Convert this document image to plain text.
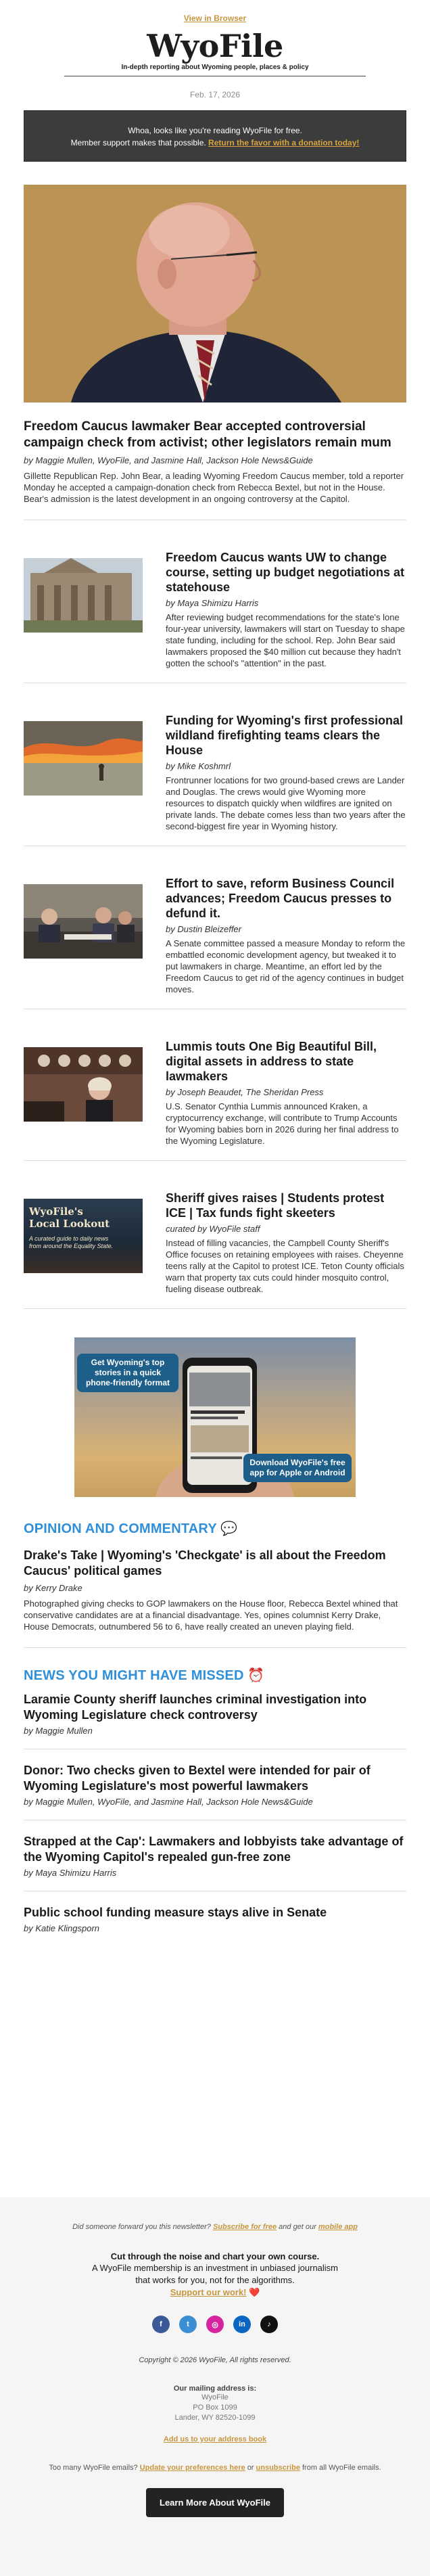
View in Browser
WyoFile
In-depth reporting about Wyoming people, places & policy
Feb. 17, 2026
Whoa, looks like you're reading WyoFile for free.
Member support makes that possible. Return the favor with a donation today!
Freedom Caucus lawmaker Bear accepted controversial campaign check from activist; other legislators remain mum
by Maggie Mullen, WyoFile, and Jasmine Hall, Jackson Hole News&Guide
Gillette Republican Rep. John Bear, a leading Wyoming Freedom Caucus member, told a reporter Monday he accepted a campaign-donation check from Rebecca Bextel, but not in the House. Bear's admission is the latest development in an ongoing controversy at the Capitol.
Freedom Caucus wants UW to change course, setting up budget negotiations at statehouse
by Maya Shimizu Harris
After reviewing budget recommendations for the state's lone four-year university, lawmakers will start on Tuesday to shape state funding, including for the school. Rep. John Bear said lawmakers proposed the $40 million cut because they hadn't gotten the school's "attention" in the past.
Funding for Wyoming's first professional wildland firefighting teams clears the House
by Mike Koshmrl
Frontrunner locations for two ground-based crews are Lander and Douglas. The crews would give Wyoming more resources to dispatch quickly when wildfires are ignited on private lands. The debate comes less than two years after the second-biggest fire year in Wyoming history.
Effort to save, reform Business Council advances; Freedom Caucus presses to defund it.
by Dustin Bleizeffer
A Senate committee passed a measure Monday to reform the embattled economic development agency, but tweaked it to put lawmakers in charge. Meantime, an effort led by the Freedom Caucus to get rid of the agency continues in budget moves.
Lummis touts One Big Beautiful Bill, digital assets in address to state lawmakers
by Joseph Beaudet, The Sheridan Press
U.S. Senator Cynthia Lummis announced Kraken, a cryptocurrency exchange, will contribute to Trump Accounts for Wyoming babies born in 2026 during her final address to the Wyoming Legislature.
WyoFile's
Local Lookout
A curated guide to daily news from around the Equality State.
Sheriff gives raises | Students protest ICE | Tax funds fight skeeters
curated by WyoFile staff
Instead of filling vacancies, the Campbell County Sheriff's Office focuses on retaining employees with raises. Cheyenne teens rally at the Capitol to protest ICE. Teton County officials warn that property tax cuts could hinder mosquito control, fueling disease outbreak.
Get Wyoming's top stories in a quick phone-friendly format
Download WyoFile's free app for Apple or Android
OPINION AND COMMENTARY 💬
Drake's Take | Wyoming's 'Checkgate' is all about the Freedom Caucus' political games
by Kerry Drake
Photographed giving checks to GOP lawmakers on the House floor, Rebecca Bextel whined that conservative candidates are at a financial disadvantage. Yes, opines columnist Kerry Drake, House Democrats, outnumbered 56 to 6, have really created an uneven playing field.
NEWS YOU MIGHT HAVE MISSED ⏰
Laramie County sheriff launches criminal investigation into Wyoming Legislature check controversy
by Maggie Mullen
Donor: Two checks given to Bextel were intended for pair of Wyoming Legislature's most powerful lawmakers
by Maggie Mullen, WyoFile, and Jasmine Hall, Jackson Hole News&Guide
Strapped at the Cap': Lawmakers and lobbyists take advantage of the Wyoming Capitol's repealed gun-free zone
by Maya Shimizu Harris
Public school funding measure stays alive in Senate
by Katie Klingsporn
Did someone forward you this newsletter? Subscribe for free and get our mobile app
Cut through the noise and chart your own course.
A WyoFile membership is an investment in unbiased journalism
that works for you, not for the algorithms.
Support our work! ❤️
f	t	◎	in	♪
Copyright © 2026 WyoFile, All rights reserved.
Our mailing address is:
WyoFile
PO Box 1099
Lander, WY 82520-1099
Add us to your address book
Too many WyoFile emails? Update your preferences here or unsubscribe from all WyoFile emails.
Learn More About WyoFile
